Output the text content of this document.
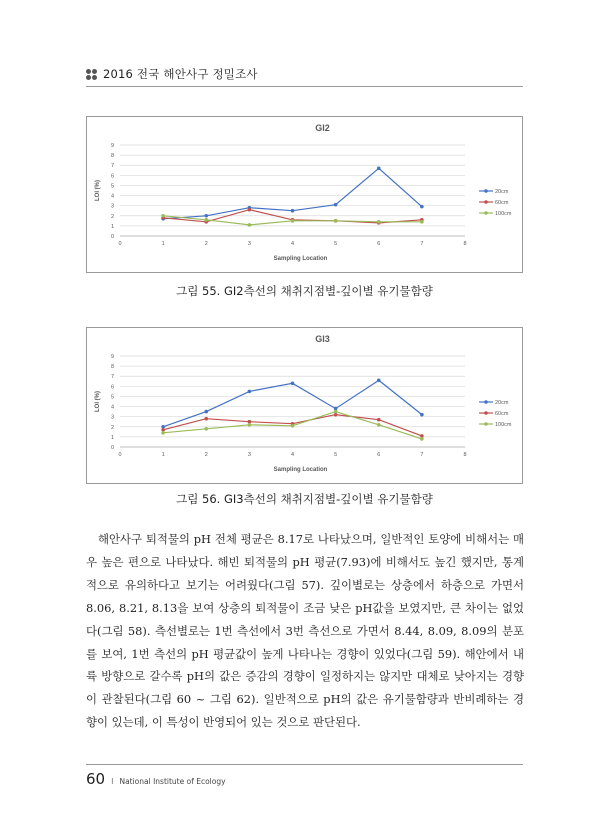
2016 전국 해안사구 정밀조사
GI2
0
1
2
3
4
5
6
7
8
9
0	1	2	3	4	5	6	7	8
Sampling Location
LOI (%)	20cm
60cm
100cm
그림 55. GI2측선의 채취지점별-깊이별 유기물함량
GI3
0
1
2
3
4
5
6
7
8
9
0	1	2	3	4	5	6	7	8
Sampling Location
LOI (%)	20cm
60cm
100cm
그림 56. GI3측선의 채취지점별-깊이별 유기물함량

해안사구 퇴적물의 pH 전체 평균은 8.17로 나타났으며, 일반적인 토양에 비해서는 매우 높은 편으로 나타났다. 해빈 퇴적물의 pH 평균(7.93)에 비해서도 높긴 했지만, 통계적으로 유의하다고 보기는 어려웠다(그림 57). 깊이별로는 상층에서 하층으로 가면서 8.06, 8.21, 8.13을 보여 상층의 퇴적물이 조금 낮은 pH값을 보였지만, 큰 차이는 없었다(그림 58). 측선별로는 1번 측선에서 3번 측선으로 가면서 8.44, 8.09, 8.09의 분포를 보여, 1번 측선의 pH 평균값이 높게 나타나는 경향이 있었다(그림 59). 해안에서 내륙 방향으로 갈수록 pH의 값은 증감의 경향이 일정하지는 않지만 대체로 낮아지는 경향이 관찰된다(그림 60 ~ 그림 62). 일반적으로 pH의 값은 유기물함량과 반비례하는 경향이 있는데, 이 특성이 반영되어 있는 것으로 판단된다.

60 I National Institute of Ecology
